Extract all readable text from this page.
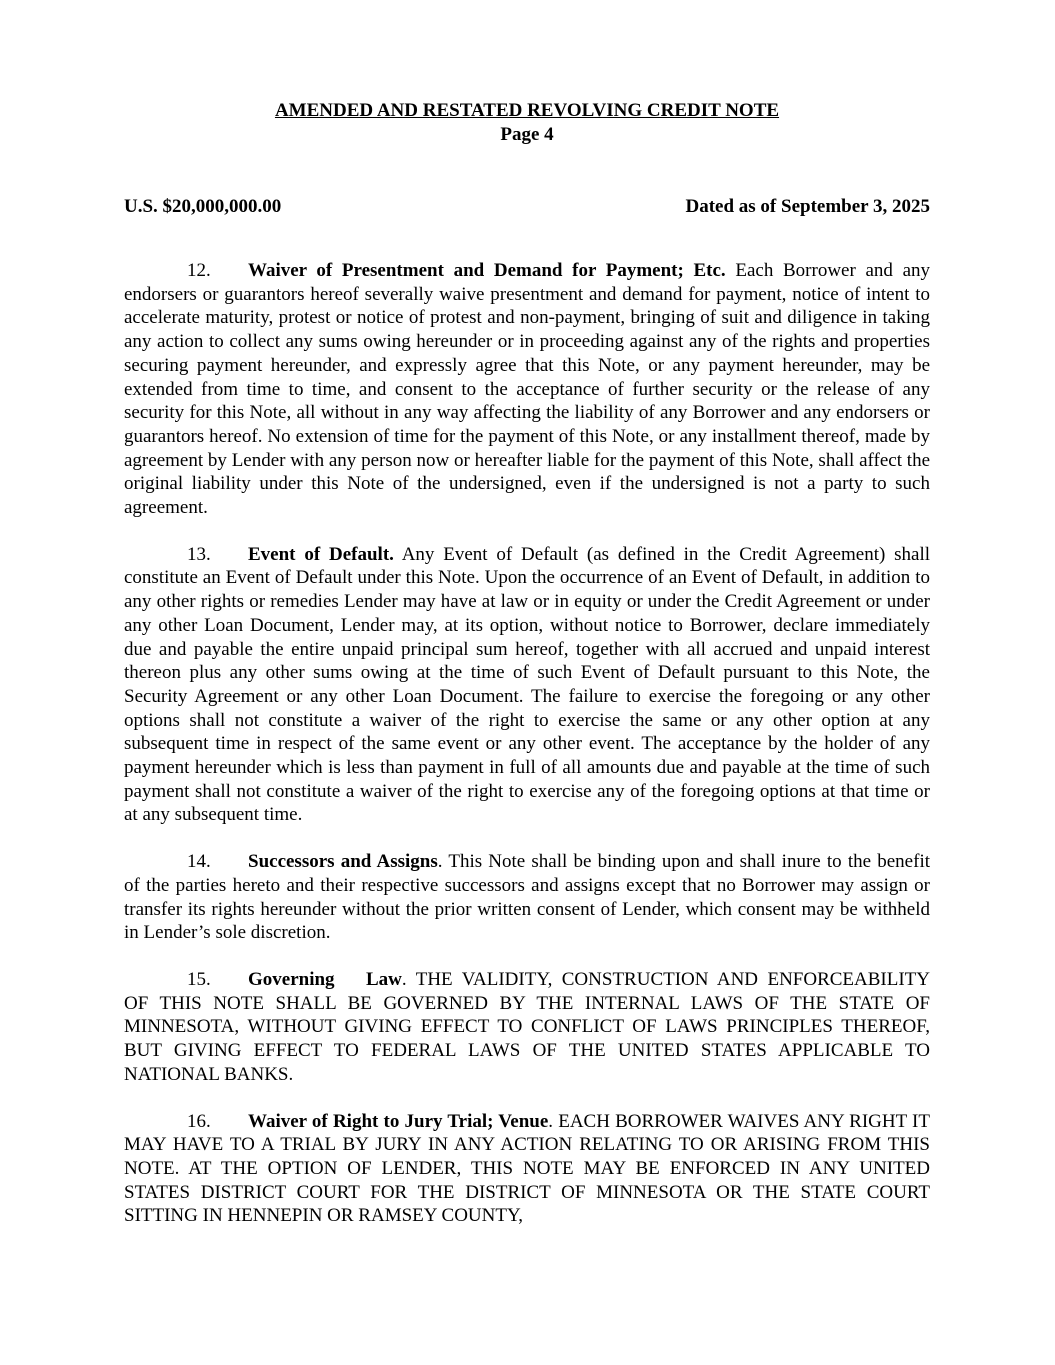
AMENDED AND RESTATED REVOLVING CREDIT NOTE

Page 4

U.S. $20,000,000.00	Dated as of September 3, 2025

12. Waiver of Presentment and Demand for Payment; Etc. Each Borrower and any endorsers or guarantors hereof severally waive presentment and demand for payment, notice of intent to accelerate maturity, protest or notice of protest and non-payment, bringing of suit and diligence in taking any action to collect any sums owing hereunder or in proceeding against any of the rights and properties securing payment hereunder, and expressly agree that this Note, or any payment hereunder, may be extended from time to time, and consent to the acceptance of further security or the release of any security for this Note, all without in any way affecting the liability of any Borrower and any endorsers or guarantors hereof. No extension of time for the payment of this Note, or any installment thereof, made by agreement by Lender with any person now or hereafter liable for the payment of this Note, shall affect the original liability under this Note of the undersigned, even if the undersigned is not a party to such agreement.

13. Event of Default. Any Event of Default (as defined in the Credit Agreement) shall constitute an Event of Default under this Note. Upon the occurrence of an Event of Default, in addition to any other rights or remedies Lender may have at law or in equity or under the Credit Agreement or under any other Loan Document, Lender may, at its option, without notice to Borrower, declare immediately due and payable the entire unpaid principal sum hereof, together with all accrued and unpaid interest thereon plus any other sums owing at the time of such Event of Default pursuant to this Note, the Security Agreement or any other Loan Document. The failure to exercise the foregoing or any other options shall not constitute a waiver of the right to exercise the same or any other option at any subsequent time in respect of the same event or any other event. The acceptance by the holder of any payment hereunder which is less than payment in full of all amounts due and payable at the time of such payment shall not constitute a waiver of the right to exercise any of the foregoing options at that time or at any subsequent time.

14. Successors and Assigns. This Note shall be binding upon and shall inure to the benefit of the parties hereto and their respective successors and assigns except that no Borrower may assign or transfer its rights hereunder without the prior written consent of Lender, which consent may be withheld in Lender’s sole discretion.

15. Governing Law. THE VALIDITY, CONSTRUCTION AND ENFORCEABILITY OF THIS NOTE SHALL BE GOVERNED BY THE INTERNAL LAWS OF THE STATE OF MINNESOTA, WITHOUT GIVING EFFECT TO CONFLICT OF LAWS PRINCIPLES THEREOF, BUT GIVING EFFECT TO FEDERAL LAWS OF THE UNITED STATES APPLICABLE TO NATIONAL BANKS.

16. Waiver of Right to Jury Trial; Venue. EACH BORROWER WAIVES ANY RIGHT IT MAY HAVE TO A TRIAL BY JURY IN ANY ACTION RELATING TO OR ARISING FROM THIS NOTE. AT THE OPTION OF LENDER, THIS NOTE MAY BE ENFORCED IN ANY UNITED STATES DISTRICT COURT FOR THE DISTRICT OF MINNESOTA OR THE STATE COURT SITTING IN HENNEPIN OR RAMSEY COUNTY,
